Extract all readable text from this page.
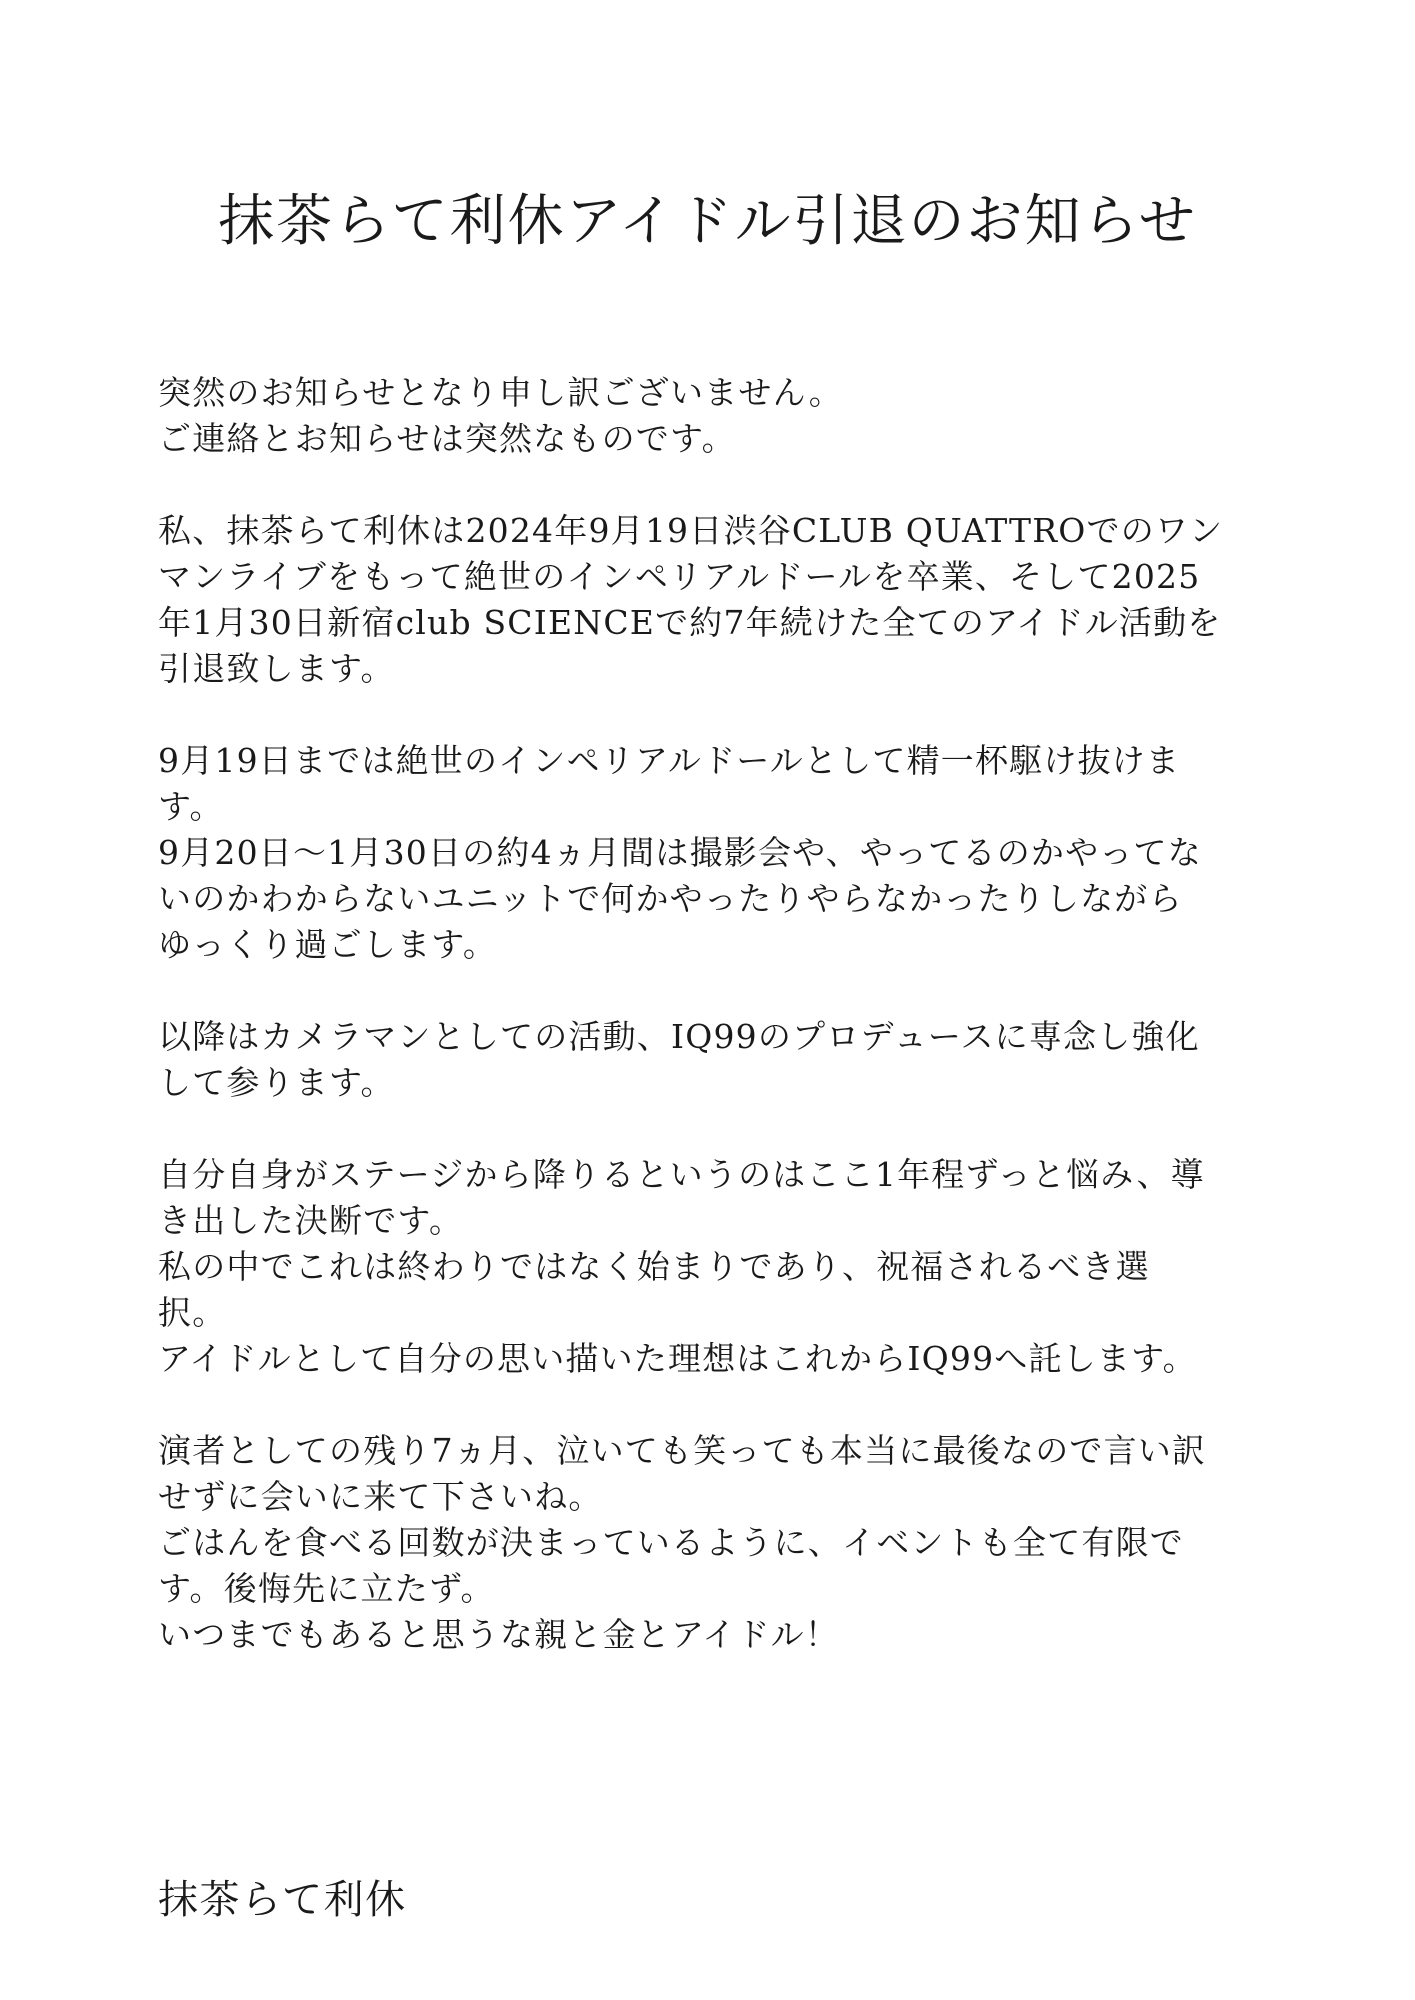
抹茶らて利休アイドル引退のお知らせ
突然のお知らせとなり申し訳ございません。
ご連絡とお知らせは突然なものです。
私、抹茶らて利休は2024年9月19日渋谷CLUB QUATTROでのワン
マンライブをもって絶世のインペリアルドールを卒業、そして2025
年1月30日新宿club SCIENCEで約7年続けた全てのアイドル活動を
引退致します。
9月19日までは絶世のインペリアルドールとして精一杯駆け抜けま
す。
9月20日〜1月30日の約4ヵ月間は撮影会や、やってるのかやってな
いのかわからないユニットで何かやったりやらなかったりしながら
ゆっくり過ごします。
以降はカメラマンとしての活動、IQ99のプロデュースに専念し強化
して参ります。
自分自身がステージから降りるというのはここ1年程ずっと悩み、導
き出した決断です。
私の中でこれは終わりではなく始まりであり、祝福されるべき選
択。
アイドルとして自分の思い描いた理想はこれからIQ99へ託します。
演者としての残り7ヵ月、泣いても笑っても本当に最後なので言い訳
せずに会いに来て下さいね。
ごはんを食べる回数が決まっているように、イベントも全て有限で
す。後悔先に立たず。
いつまでもあると思うな親と金とアイドル！

抹茶らて利休
